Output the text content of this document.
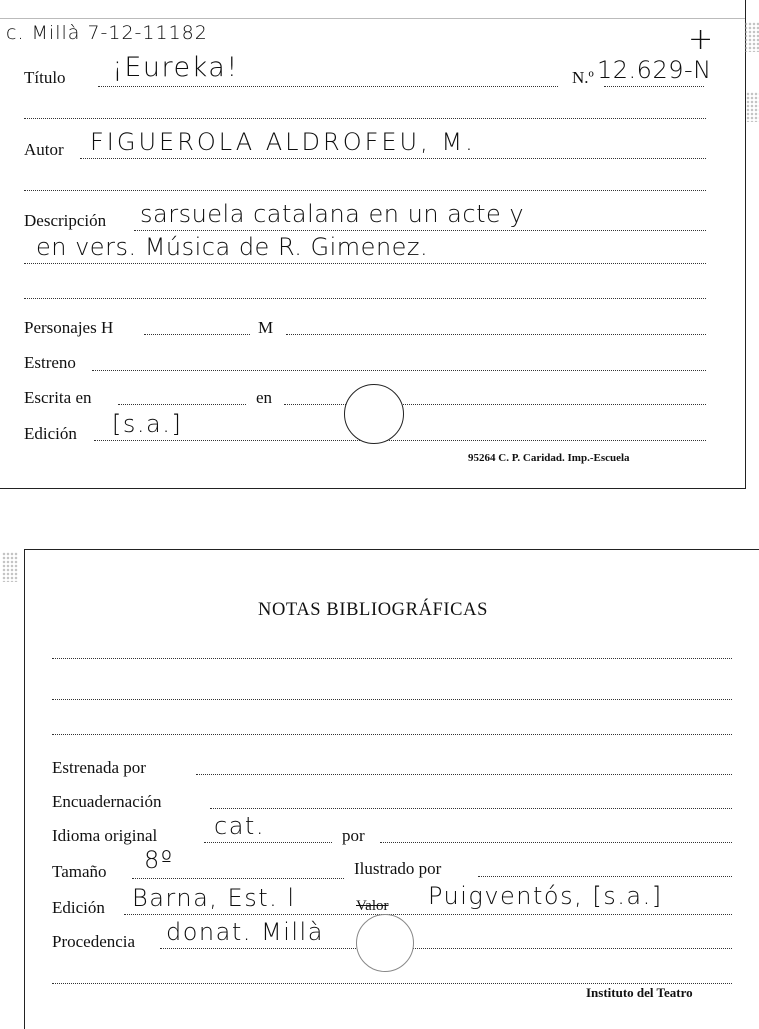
c. Millà 7-12-11182	+
Título ¡Eureka!	N.º 12.629-N
Autor FIGUEROLA ALDROFEU, M.
Descripción sarsuela catalana en un acte y
en vers. Música de R. Gimenez.
Personajes H	M
Estreno
Escrita en	en
Edición [s.a.]
95264 C. P. Caridad. Imp.-Escuela
NOTAS BIBLIOGRÁFICAS
Estrenada por
Encuadernación
Idioma original cat.	por
Tamaño 8º	Ilustrado por
Edición Barna, Est. l	Valor Puigventós, [s.a.]
Procedencia donat. Millà
Instituto del Teatro
